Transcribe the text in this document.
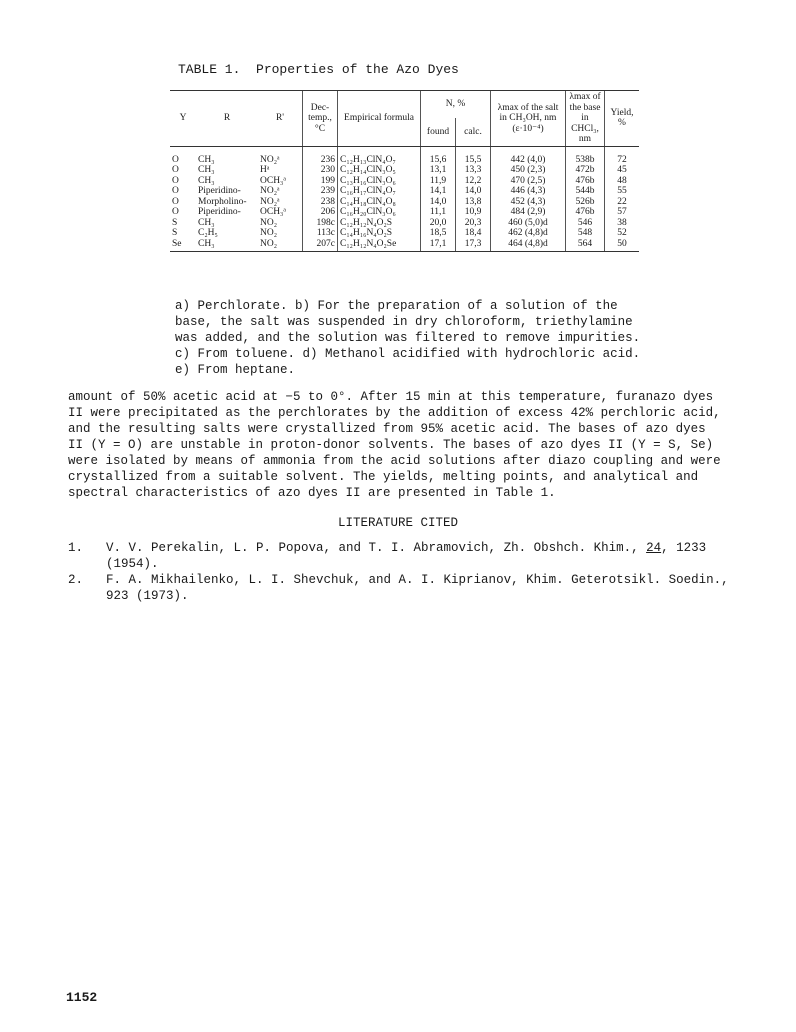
TABLE 1.  Properties of the Azo Dyes
Y	R	R'	Dec-temp., °C	Empirical formula	N, %		λmax of the salt in CH₃OH, nm (ε·10⁻⁴)	λmax of the base in CHCl₃, nm	Yield, %
					found	calc.			
O	CH₃	NO₂ᵃ	236	C₁₂H₁₃ClN₄O₇	15,6	15,5	442 (4,0)	538b	72
O	CH₃	Hᵃ	230	C₁₂H₁₄ClN₃O₅	13,1	13,3	450 (2,3)	472b	45
O	CH₃	OCH₃ᵃ	199	C₁₃H₁₆ClN₃O₆	11,9	12,2	470 (2,5)	476b	48
O	Piperidino-	NO₂ᵃ	239	C₁₆H₁₇ClN₄O₇	14,1	14,0	446 (4,3)	544b	55
O	Morpholino-	NO₂ᵃ	238	C₁₄H₁₈ClN₄O₈	14,0	13,8	452 (4,3)	526b	22
O	Piperidino-	OCH₃ᵃ	206	C₁₆H₂₀ClN₃O₆	11,1	10,9	484 (2,9)	476b	57
S	CH₃	NO₂	198c	C₁₂H₁₂N₄O₂S	20,0	20,3	460 (5,0)d	546	38
S	C₂H₅	NO₂	113c	C₁₄H₁₆N₄O₂S	18,5	18,4	462 (4,8)d	548	52
Se	CH₃	NO₂	207c	C₁₂H₁₂N₄O₂Se	17,1	17,3	464 (4,8)d	564	50
a) Perchlorate. b) For the preparation of a solution of the
base, the salt was suspended in dry chloroform, triethylamine
was added, and the solution was filtered to remove impurities.
c) From toluene. d) Methanol acidified with hydrochloric acid.
e) From heptane.
amount of 50% acetic acid at −5 to 0°. After 15 min at this temperature, furanazo dyes
II were precipitated as the perchlorates by the addition of excess 42% perchloric acid,
and the resulting salts were crystallized from 95% acetic acid. The bases of azo dyes
II (Y = O) are unstable in proton-donor solvents. The bases of azo dyes II (Y = S, Se)
were isolated by means of ammonia from the acid solutions after diazo coupling and were
crystallized from a suitable solvent. The yields, melting points, and analytical and
spectral characteristics of azo dyes II are presented in Table 1.
LITERATURE CITED
1. V. V. Perekalin, L. P. Popova, and T. I. Abramovich, Zh. Obshch. Khim., 24, 1233
(1954).
2. F. A. Mikhailenko, L. I. Shevchuk, and A. I. Kiprianov, Khim. Geterotsikl. Soedin.,
923 (1973).
1152
